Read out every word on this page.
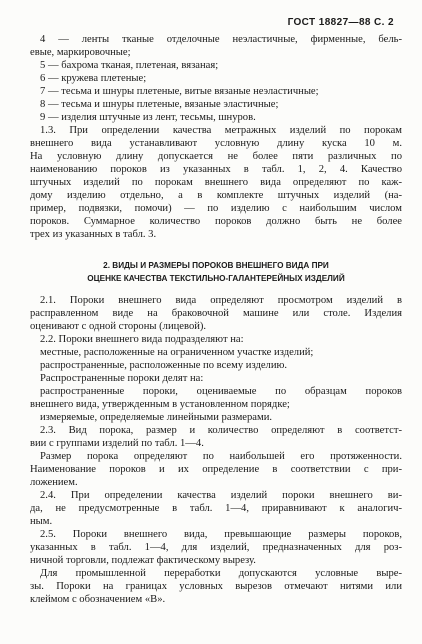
ГОСТ 18827—88 С. 2
4 — ленты тканые отделочные неэластичные, фирменные, бель-
евые, маркировочные;
5 — бахрома тканая, плетеная, вязаная;
6 — кружева плетеные;
7 — тесьма и шнуры плетеные, витые вязаные неэластичные;
8 — тесьма и шнуры плетеные, вязаные эластичные;
9 — изделия штучные из лент, тесьмы, шнуров.
1.3. При определении качества метражных изделий по порокам
внешнего вида устанавливают условную длину куска 10 м.
На условную длину допускается не более пяти различных по
наименованию пороков из указанных в табл. 1, 2, 4. Качество
штучных изделий по порокам внешнего вида определяют по каж-
дому изделию отдельно, а в комплекте штучных изделий (на-
пример, подвязки, помочи) — по изделию с наибольшим числом
пороков. Суммарное количество пороков должно быть не более
трех из указанных в табл. 3.
2. ВИДЫ И РАЗМЕРЫ ПОРОКОВ ВНЕШНЕГО ВИДА ПРИ
ОЦЕНКЕ КАЧЕСТВА ТЕКСТИЛЬНО-ГАЛАНТЕРЕЙНЫХ ИЗДЕЛИЙ
2.1. Пороки внешнего вида определяют просмотром изделий в
расправленном виде на браковочной машине или столе. Изделия
оценивают с одной стороны (лицевой).
2.2. Пороки внешнего вида подразделяют на:
местные, расположенные на ограниченном участке изделий;
распространенные, расположенные по всему изделию.
Распространенные пороки делят на:
распространенные пороки, оцениваемые по образцам пороков
внешнего вида, утвержденным в установленном порядке;
измеряемые, определяемые линейными размерами.
2.3. Вид порока, размер и количество определяют в соответст-
вии с группами изделий по табл. 1—4.
Размер порока определяют по наибольшей его протяженности.
Наименование пороков и их определение в соответствии с при-
ложением.
2.4. При определении качества изделий пороки внешнего ви-
да, не предусмотренные в табл. 1—4, приравнивают к аналогич-
ным.
2.5. Пороки внешнего вида, превышающие размеры пороков,
указанных в табл. 1—4, для изделий, предназначенных для роз-
ничной торговли, подлежат фактическому вырезу.
Для промышленной переработки допускаются условные выре-
зы. Пороки на границах условных вырезов отмечают нитями или
клеймом с обозначением «В».
